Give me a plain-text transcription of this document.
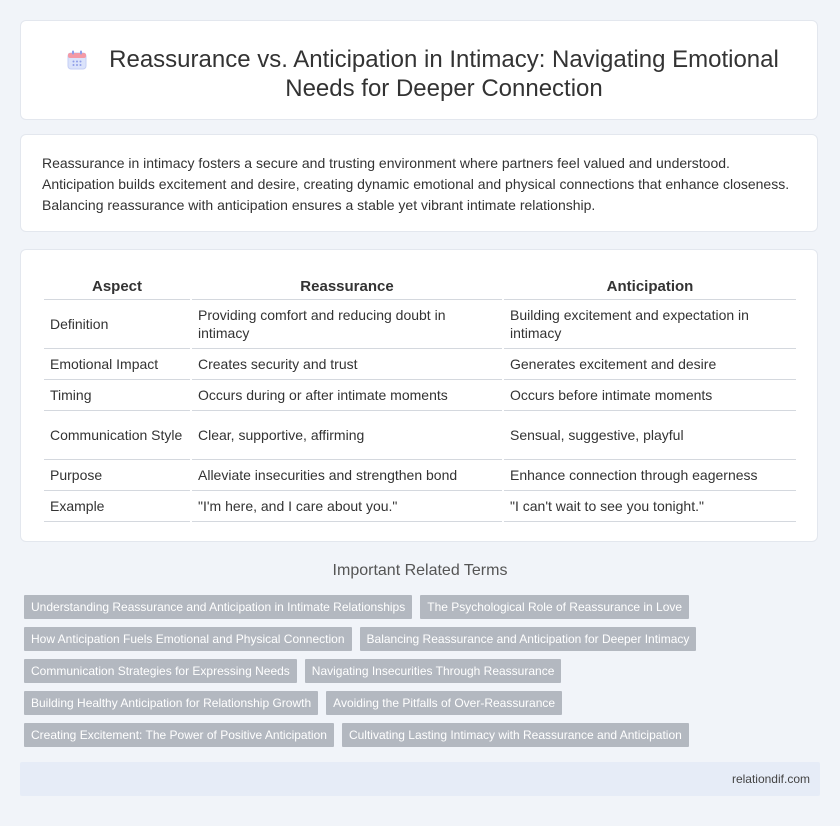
Reassurance vs. Anticipation in Intimacy: Navigating Emotional Needs for Deeper Connection

Reassurance in intimacy fosters a secure and trusting environment where partners feel valued and understood. Anticipation builds excitement and desire, creating dynamic emotional and physical connections that enhance closeness. Balancing reassurance with anticipation ensures a stable yet vibrant intimate relationship.

Aspect	Reassurance	Anticipation
Definition	Providing comfort and reducing doubt in intimacy	Building excitement and expectation in intimacy
Emotional Impact	Creates security and trust	Generates excitement and desire
Timing	Occurs during or after intimate moments	Occurs before intimate moments
Communication Style	Clear, supportive, affirming	Sensual, suggestive, playful
Purpose	Alleviate insecurities and strengthen bond	Enhance connection through eagerness
Example	"I'm here, and I care about you."	"I can't wait to see you tonight."
Important Related Terms
Understanding Reassurance and Anticipation in Intimate Relationships	The Psychological Role of Reassurance in Love
How Anticipation Fuels Emotional and Physical Connection	Balancing Reassurance and Anticipation for Deeper Intimacy
Communication Strategies for Expressing Needs	Navigating Insecurities Through Reassurance
Building Healthy Anticipation for Relationship Growth	Avoiding the Pitfalls of Over-Reassurance
Creating Excitement: The Power of Positive Anticipation	Cultivating Lasting Intimacy with Reassurance and Anticipation
relationdif.com
